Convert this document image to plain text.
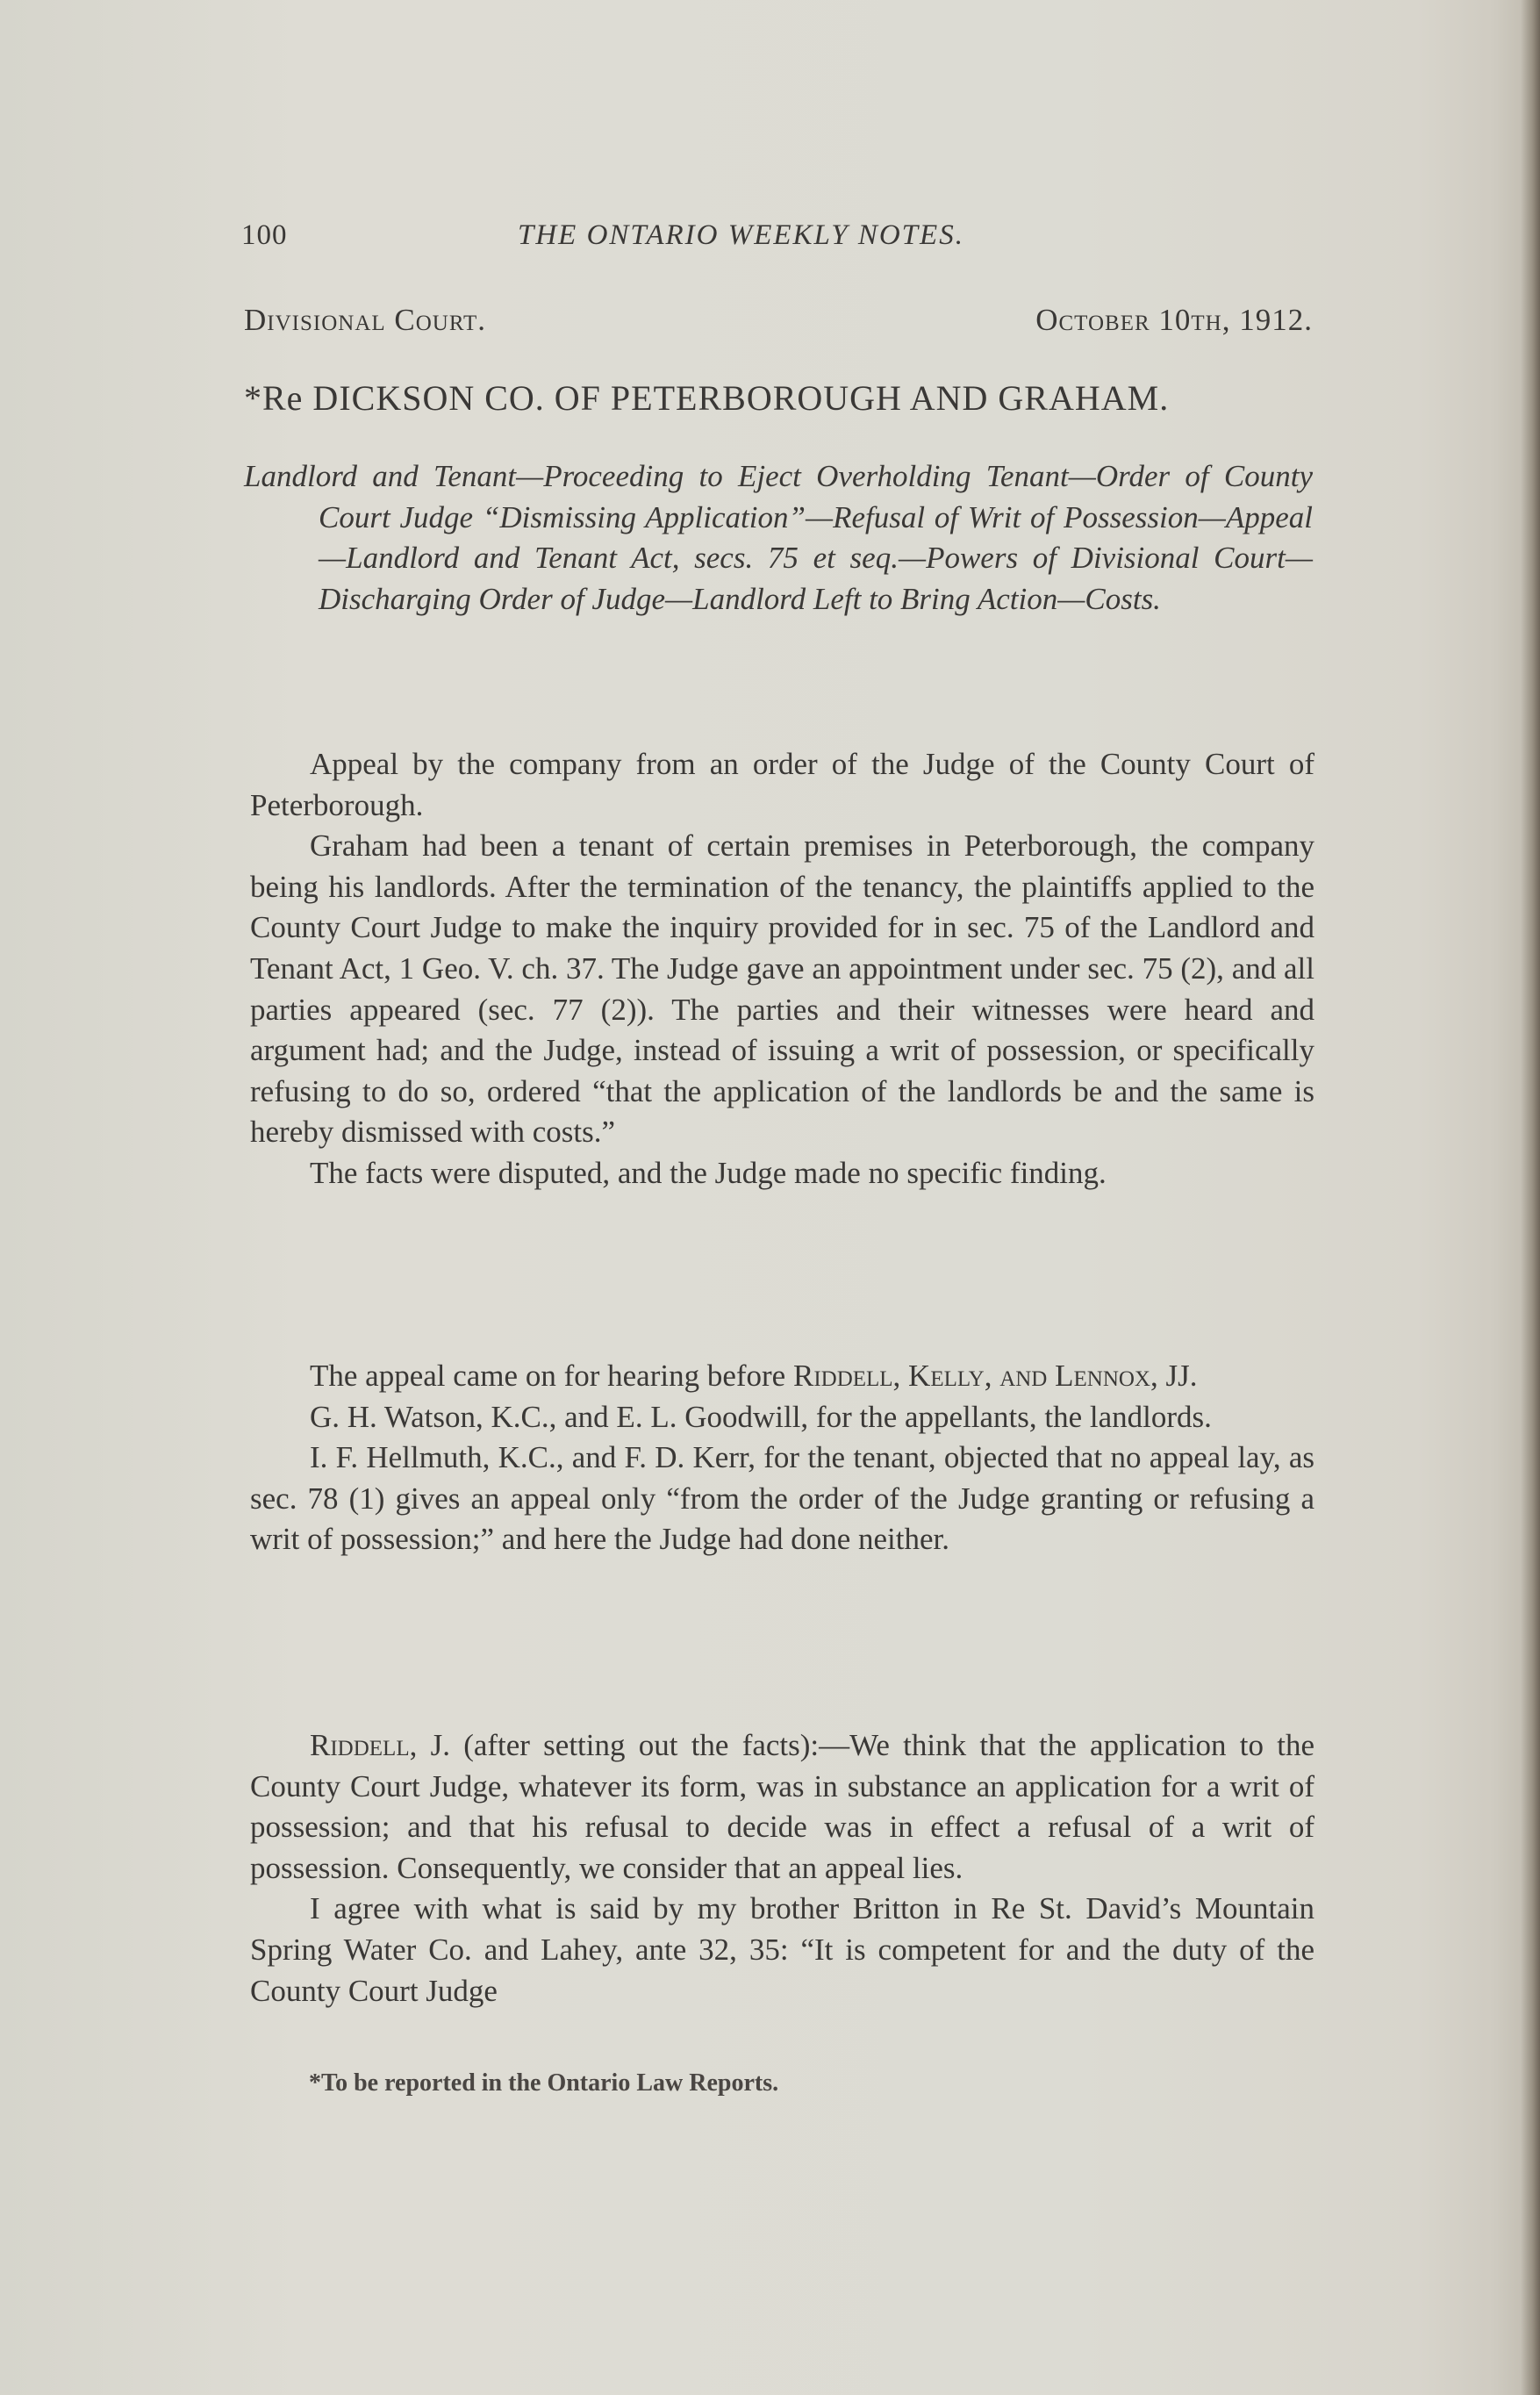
100	THE ONTARIO WEEKLY NOTES.
Divisional Court.	October 10th, 1912.
*Re DICKSON CO. OF PETERBOROUGH AND GRAHAM.

Landlord and Tenant—Proceeding to Eject Overholding Tenant—Order of County Court Judge “Dismissing Application”—Refusal of Writ of Possession—Appeal—Landlord and Tenant Act, secs. 75 et seq.—Powers of Divisional Court—Discharging Order of Judge—Landlord Left to Bring Action—Costs.

Appeal by the company from an order of the Judge of the County Court of Peterborough.

Graham had been a tenant of certain premises in Peterborough, the company being his landlords. After the termination of the tenancy, the plaintiffs applied to the County Court Judge to make the inquiry provided for in sec. 75 of the Landlord and Tenant Act, 1 Geo. V. ch. 37. The Judge gave an appointment under sec. 75 (2), and all parties appeared (sec. 77 (2)). The parties and their witnesses were heard and argument had; and the Judge, instead of issuing a writ of possession, or specifically refusing to do so, ordered “that the application of the landlords be and the same is hereby dismissed with costs.”

The facts were disputed, and the Judge made no specific finding.

The appeal came on for hearing before Riddell, Kelly, and Lennox, JJ.

G. H. Watson, K.C., and E. L. Goodwill, for the appellants, the landlords.

I. F. Hellmuth, K.C., and F. D. Kerr, for the tenant, objected that no appeal lay, as sec. 78 (1) gives an appeal only “from the order of the Judge granting or refusing a writ of possession;” and here the Judge had done neither.

Riddell, J. (after setting out the facts):—We think that the application to the County Court Judge, whatever its form, was in substance an application for a writ of possession; and that his refusal to decide was in effect a refusal of a writ of possession. Consequently, we consider that an appeal lies.

I agree with what is said by my brother Britton in Re St. David’s Mountain Spring Water Co. and Lahey, ante 32, 35: “It is competent for and the duty of the County Court Judge

*To be reported in the Ontario Law Reports.
